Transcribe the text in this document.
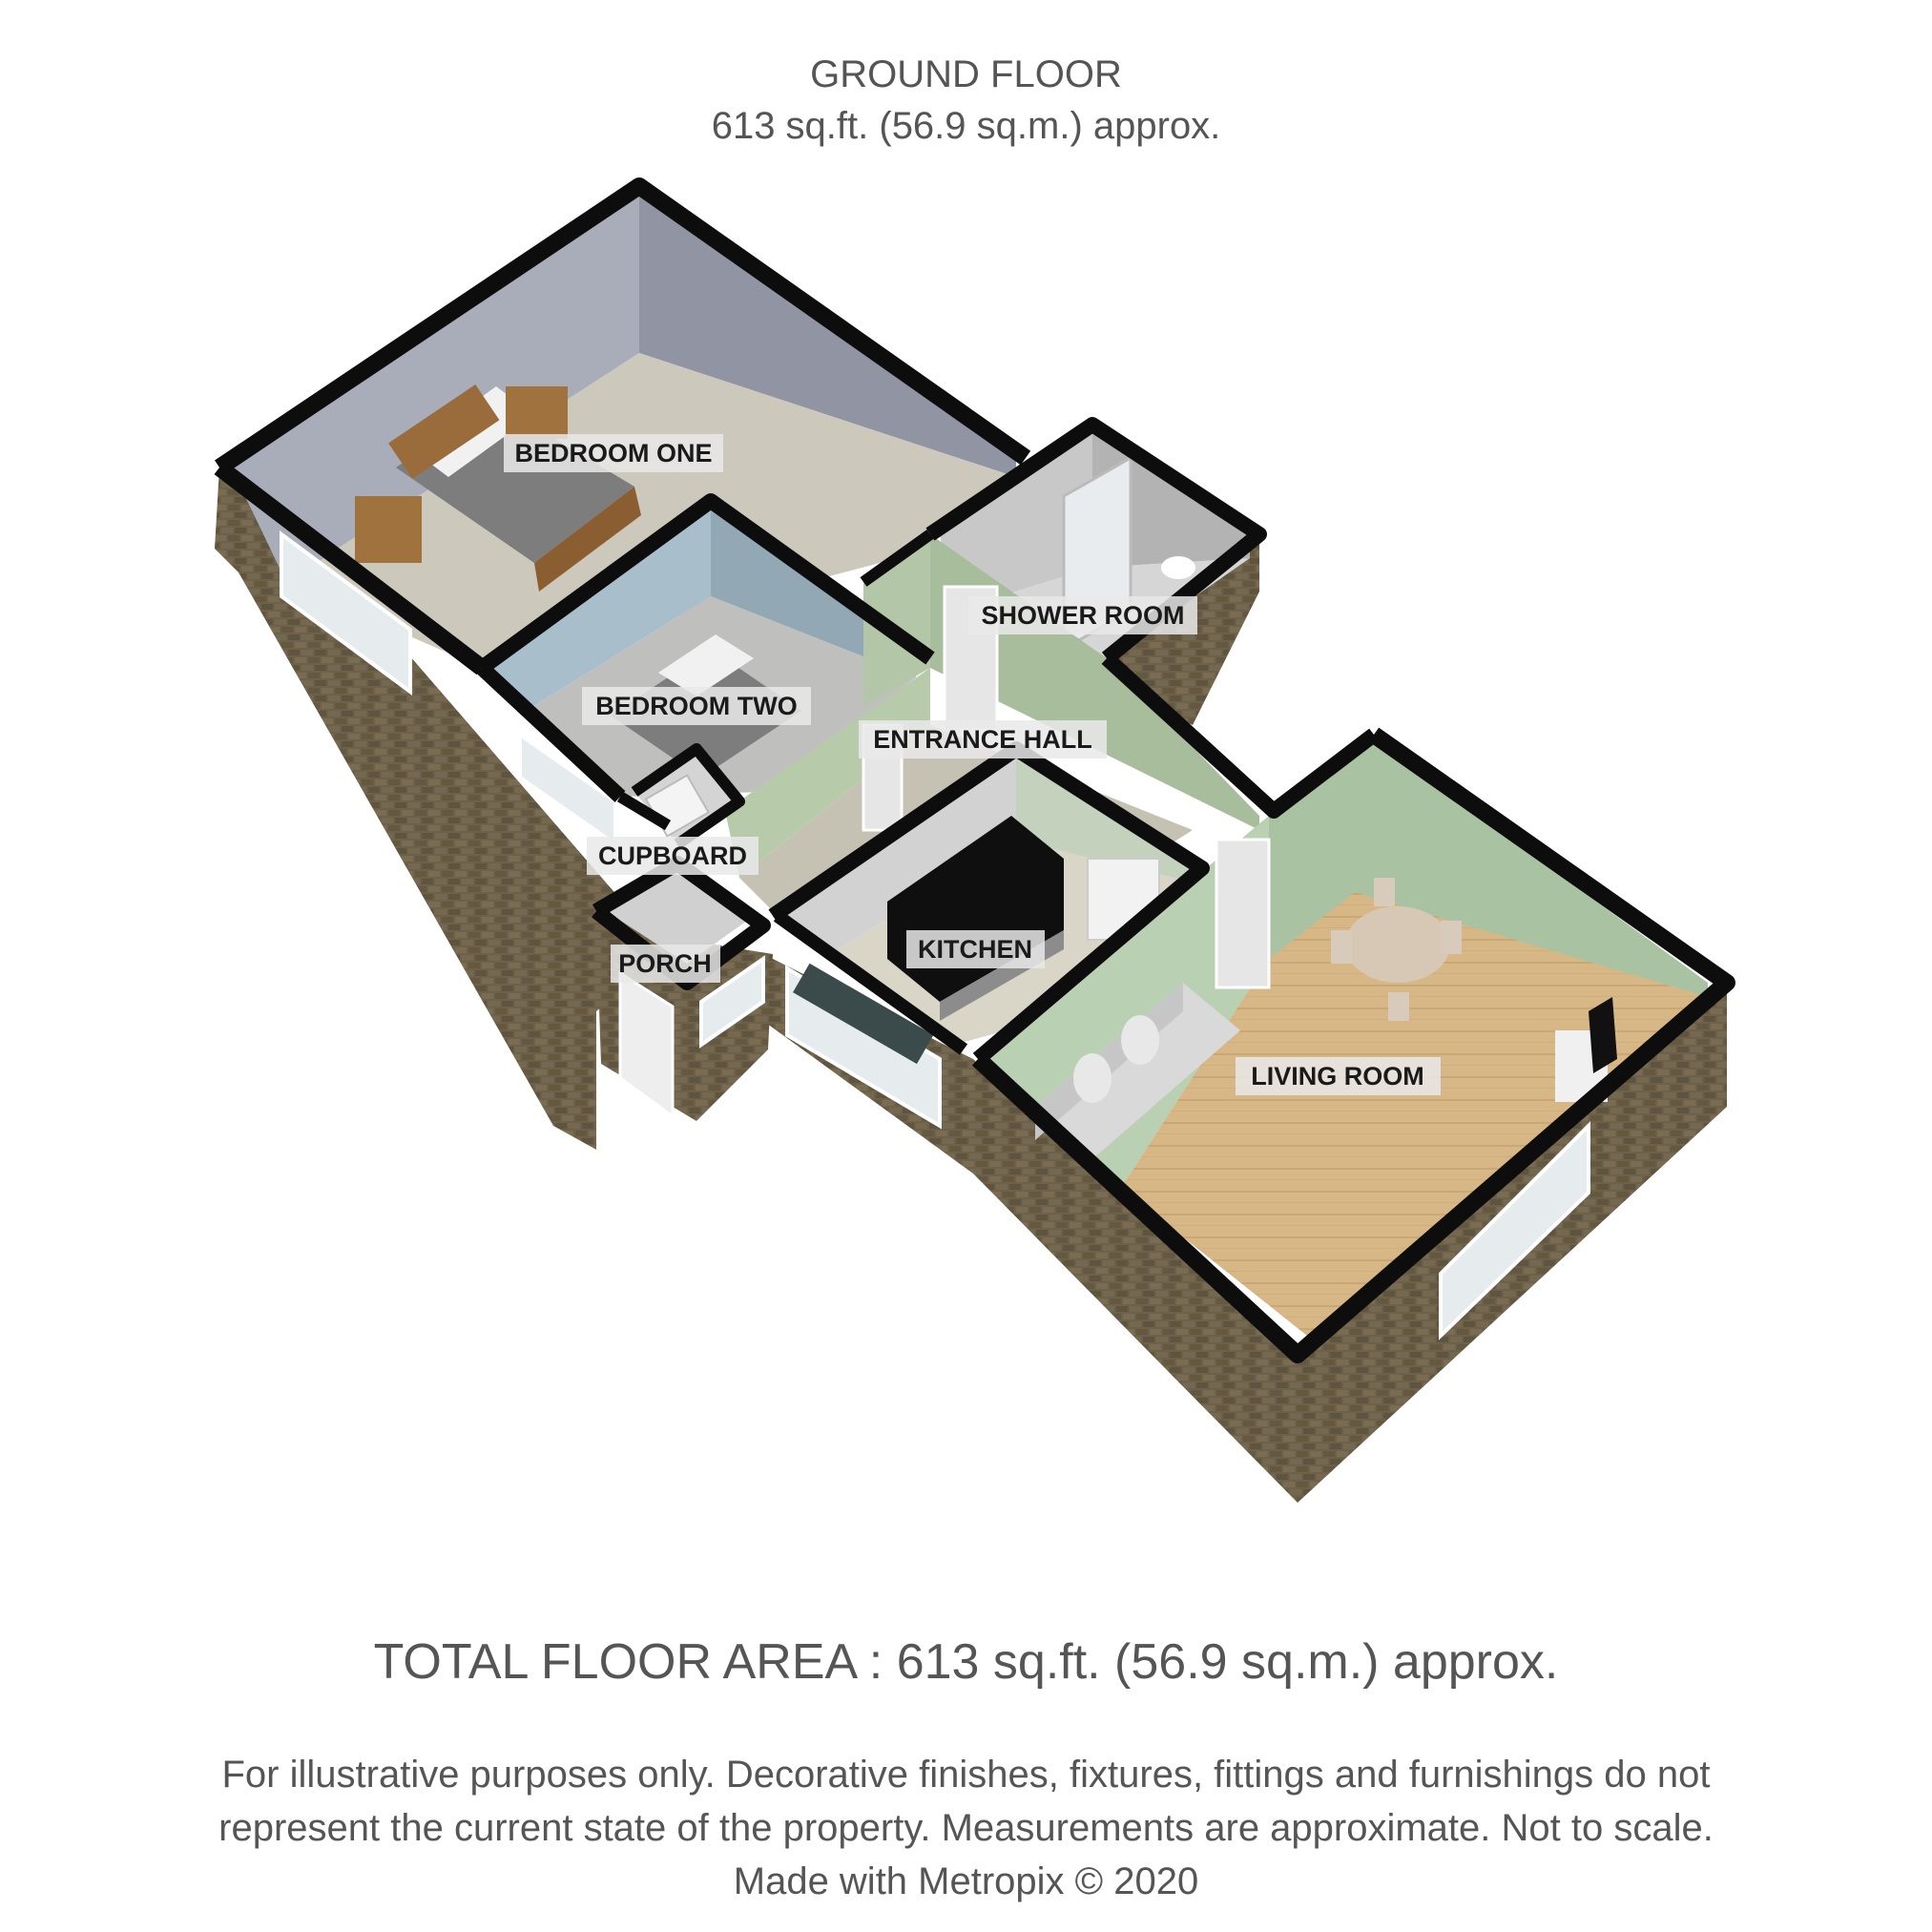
GROUND FLOOR
613 sq.ft. (56.9 sq.m.) approx.
BEDROOM ONE
BEDROOM TWO
SHOWER ROOM
ENTRANCE HALL
CUPBOARD
KITCHEN
PORCH
LIVING ROOM
TOTAL FLOOR AREA : 613 sq.ft. (56.9 sq.m.) approx.
For illustrative purposes only. Decorative finishes, fixtures, fittings and furnishings do not
represent the current state of the property. Measurements are approximate. Not to scale.
Made with Metropix © 2020
